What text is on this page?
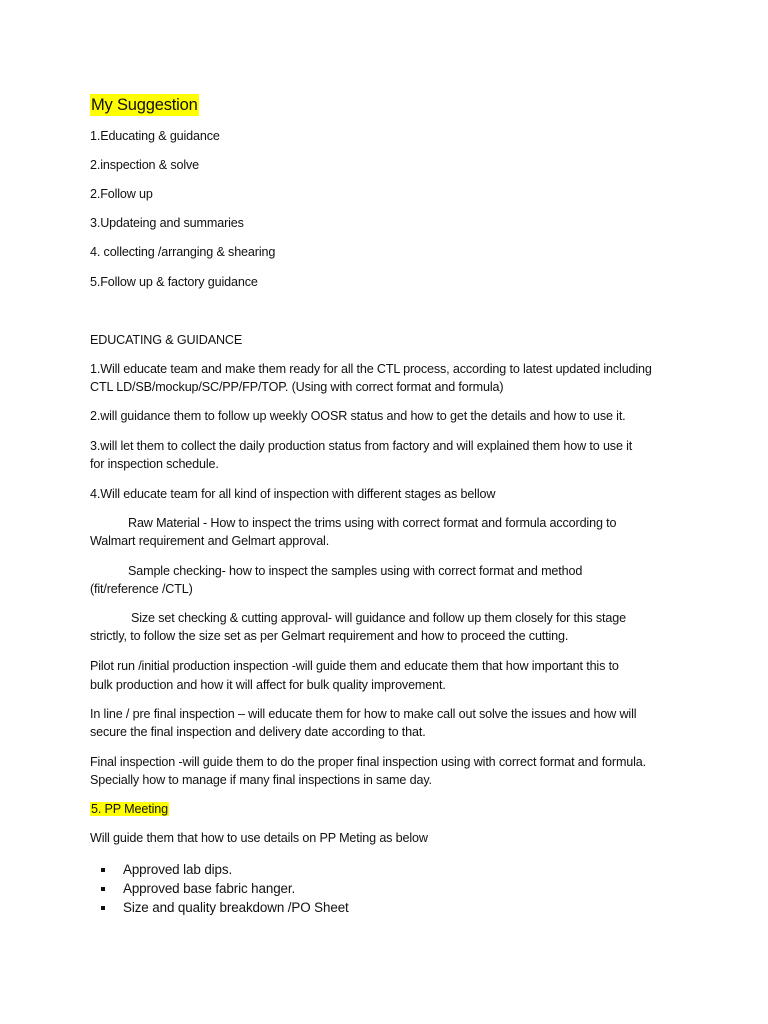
My Suggestion
1.Educating & guidance
2.inspection & solve
2.Follow up
3.Updateing and summaries
4. collecting /arranging & shearing
5.Follow up & factory guidance
EDUCATING & GUIDANCE
1.Will educate team and make them ready for all the CTL process, according to latest updated including
CTL LD/SB/mockup/SC/PP/FP/TOP. (Using with correct format and formula)
2.will guidance them to follow up weekly OOSR status and how to get the details and how to use it.
3.will let them to collect the daily production status from factory and will explained them how to use it
for inspection schedule.
4.Will educate team for all kind of inspection with different stages as bellow
Raw Material - How to inspect the trims using with correct format and formula according to
Walmart requirement and Gelmart approval.
Sample checking- how to inspect the samples using with correct format and method
(fit/reference /CTL)
Size set checking & cutting approval- will guidance and follow up them closely for this stage
strictly, to follow the size set as per Gelmart requirement and how to proceed the cutting.
Pilot run /initial production inspection -will guide them and educate them that how important this to
bulk production and how it will affect for bulk quality improvement.
In line / pre final inspection – will educate them for how to make call out solve the issues and how will
secure the final inspection and delivery date according to that.
Final inspection -will guide them to do the proper final inspection using with correct format and formula.
Specially how to manage if many final inspections in same day.
5. PP Meeting
Will guide them that how to use details on PP Meting as below
Approved lab dips.
Approved base fabric hanger.
Size and quality breakdown /PO Sheet
